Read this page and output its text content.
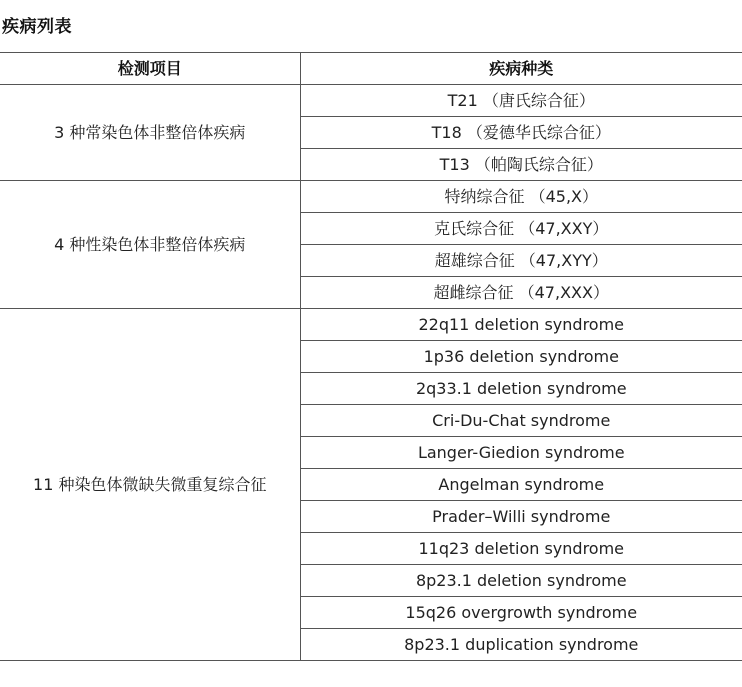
疾病列表
检测项目	疾病种类
3 种常染色体非整倍体疾病	T21 （唐氏综合征）
	T18 （爱德华氏综合征）
	T13 （帕陶氏综合征）
4 种性染色体非整倍体疾病	特纳综合征 （45,X）
	克氏综合征 （47,XXY）
	超雄综合征 （47,XYY）
	超雌综合征 （47,XXX）
11 种染色体微缺失微重复综合征	22q11 deletion syndrome
	1p36 deletion syndrome
	2q33.1 deletion syndrome
	Cri-Du-Chat syndrome
	Langer-Giedion syndrome
	Angelman syndrome
	Prader–Willi syndrome
	11q23 deletion syndrome
	8p23.1 deletion syndrome
	15q26 overgrowth syndrome
	8p23.1 duplication syndrome
